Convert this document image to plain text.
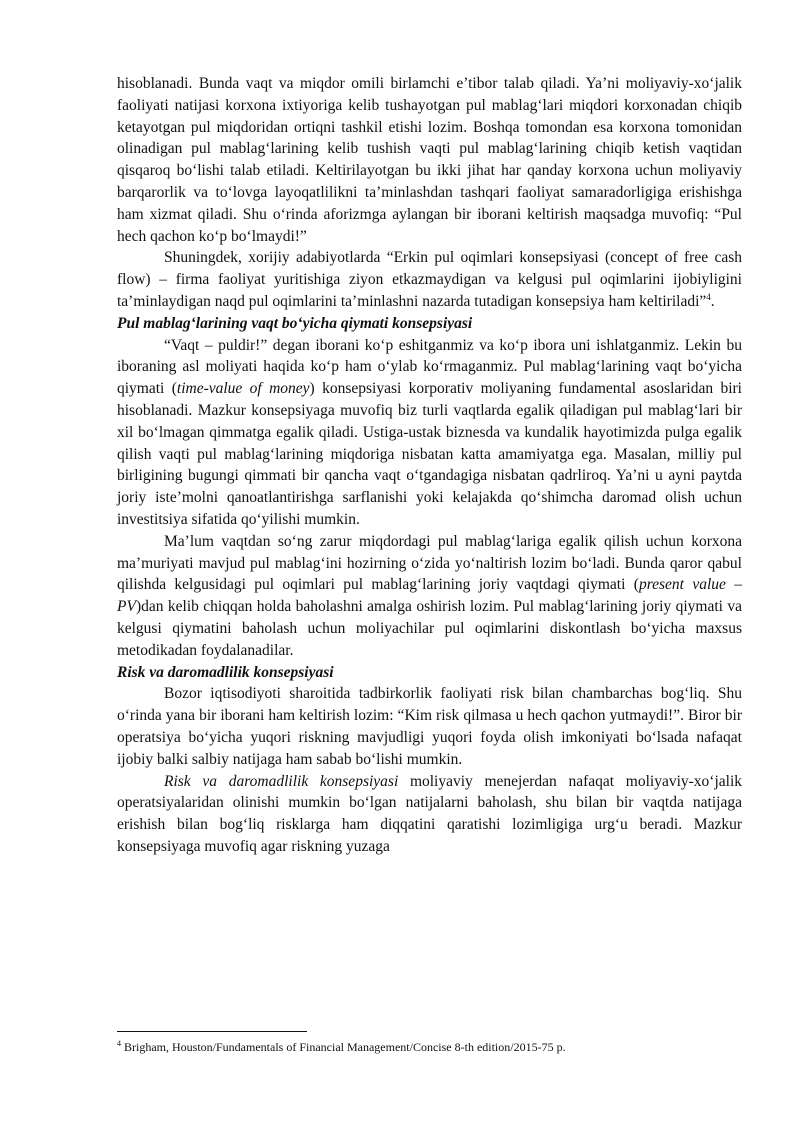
hisoblanadi. Bunda vaqt va miqdor omili birlamchi e’tibor talab qiladi. Ya’ni moliyaviy-xo‘jalik faoliyati natijasi korxona ixtiyoriga kelib tushayotgan pul mablag‘lari miqdori korxonadan chiqib ketayotgan pul miqdoridan ortiqni tashkil etishi lozim. Boshqa tomondan esa korxona tomonidan olinadigan pul mablag‘larining kelib tushish vaqti pul mablag‘larining chiqib ketish vaqtidan qisqaroq bo‘lishi talab etiladi. Keltirilayotgan bu ikki jihat har qanday korxona uchun moliyaviy barqarorlik va to‘lovga layoqatlilikni ta’minlashdan tashqari faoliyat samaradorligiga erishishga ham xizmat qiladi. Shu o‘rinda aforizmga aylangan bir iborani keltirish maqsadga muvofiq: “Pul hech qachon ko‘p bo‘lmaydi!”

Shuningdek, xorijiy adabiyotlarda “Erkin pul oqimlari konsepsiyasi (concept of free cash flow) – firma faoliyat yuritishiga ziyon etkazmaydigan va kelgusi pul oqimlarini ijobiyligini ta’minlaydigan naqd pul oqimlarini ta’minlashni nazarda tutadigan konsepsiya ham keltiriladi”$^4$.

Pul mablag‘larining vaqt bo‘yicha qiymati konsepsiyasi

“Vaqt – puldir!” degan iborani ko‘p eshitganmiz va ko‘p ibora uni ishlatganmiz. Lekin bu iboraning asl moliyati haqida ko‘p ham o‘ylab ko‘rmaganmiz. Pul mablag‘larining vaqt bo‘yicha qiymati (time-value of money) konsepsiyasi korporativ moliyaning fundamental asoslaridan biri hisoblanadi. Mazkur konsepsiyaga muvofiq biz turli vaqtlarda egalik qiladigan pul mablag‘lari bir xil bo‘lmagan qimmatga egalik qiladi. Ustiga-ustak biznesda va kundalik hayotimizda pulga egalik qilish vaqti pul mablag‘larining miqdoriga nisbatan katta amamiyatga ega. Masalan, milliy pul birligining bugungi qimmati bir qancha vaqt o‘tgandagiga nisbatan qadrliroq. Ya’ni u ayni paytda joriy iste’molni qanoatlantirishga sarflanishi yoki kelajakda qo‘shimcha daromad olish uchun investitsiya sifatida qo‘yilishi mumkin.

Ma’lum vaqtdan so‘ng zarur miqdordagi pul mablag‘lariga egalik qilish uchun korxona ma’muriyati mavjud pul mablag‘ini hozirning o‘zida yo‘naltirish lozim bo‘ladi. Bunda qaror qabul qilishda kelgusidagi pul oqimlari pul mablag‘larining joriy vaqtdagi qiymati (present value – PV)dan kelib chiqqan holda baholashni amalga oshirish lozim. Pul mablag‘larining joriy qiymati va kelgusi qiymatini baholash uchun moliyachilar pul oqimlarini diskontlash bo‘yicha maxsus metodikadan foydalanadilar.

Risk va daromadlilik konsepsiyasi

Bozor iqtisodiyoti sharoitida tadbirkorlik faoliyati risk bilan chambarchas bog‘liq. Shu o‘rinda yana bir iborani ham keltirish lozim: “Kim risk qilmasa u hech qachon yutmaydi!”. Biror bir operatsiya bo‘yicha yuqori riskning mavjudligi yuqori foyda olish imkoniyati bo‘lsada nafaqat ijobiy balki salbiy natijaga ham sabab bo‘lishi mumkin.

Risk va daromadlilik konsepsiyasi moliyaviy menejerdan nafaqat moliyaviy-xo‘jalik operatsiyalaridan olinishi mumkin bo‘lgan natijalarni baholash, shu bilan bir vaqtda natijaga erishish bilan bog‘liq risklarga ham diqqatini qaratishi lozimligiga urg‘u beradi. Mazkur konsepsiyaga muvofiq agar riskning yuzaga

$^4$ Brigham, Houston/Fundamentals of Financial Management/Concise 8-th edition/2015-75 p.
